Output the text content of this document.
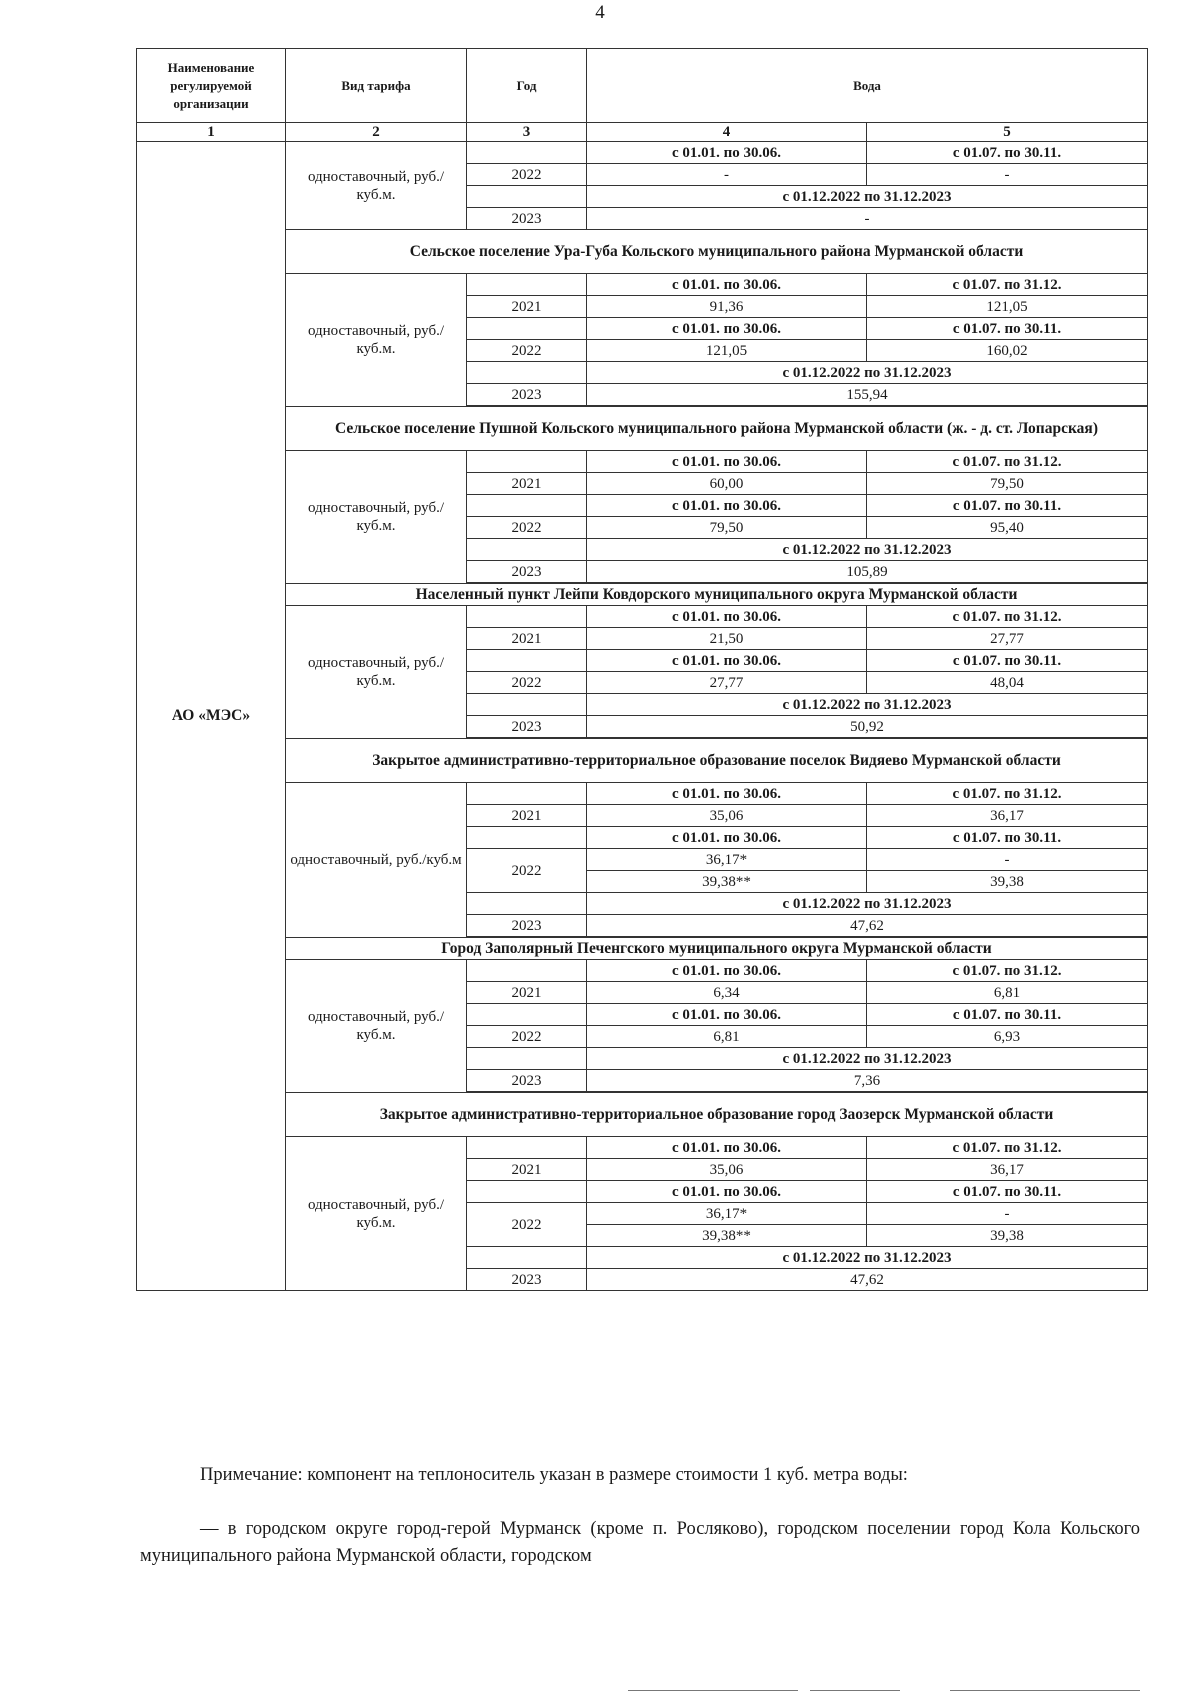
4
Наименование регулируемой организации	Вид тарифа	Год	Вода	
1	2	3	4	5
АО «МЭС»	одноставочный, руб./куб.м.		с 01.01. по 30.06.	с 01.07. по 30.11.
		2022	-	-
			с 01.12.2022 по 31.12.2023	
		2023	-	
	Сельское поселение Ура-Губа Кольского муниципального района Мурманской области			
	одноставочный, руб./куб.м.		с 01.01. по 30.06.	с 01.07. по 31.12.
		2021	91,36	121,05
			с 01.01. по 30.06.	с 01.07. по 30.11.
		2022	121,05	160,02
			с 01.12.2022 по 31.12.2023	
		2023	155,94	

	Сельское поселение Пушной Кольского муниципального района Мурманской области (ж. - д. ст. Лопарская)			
	одноставочный, руб./куб.м.		с 01.01. по 30.06.	с 01.07. по 31.12.
		2021	60,00	79,50
			с 01.01. по 30.06.	с 01.07. по 30.11.
		2022	79,50	95,40
			с 01.12.2022 по 31.12.2023	
		2023	105,89	

	Населенный пункт Лейпи Ковдорского муниципального округа Мурманской области			
	одноставочный, руб./куб.м.		с 01.01. по 30.06.	с 01.07. по 31.12.
		2021	21,50	27,77
			с 01.01. по 30.06.	с 01.07. по 30.11.
		2022	27,77	48,04
			с 01.12.2022 по 31.12.2023	
		2023	50,92	

	Закрытое административно-территориальное образование поселок Видяево Мурманской области			
	одноставочный, руб./куб.м		с 01.01. по 30.06.	с 01.07. по 31.12.
		2021	35,06	36,17
			с 01.01. по 30.06.	с 01.07. по 30.11.
		2022	36,17*	-
			39,38**	39,38
			с 01.12.2022 по 31.12.2023	
		2023	47,62	

	Город Заполярный Печенгского муниципального округа Мурманской области			
	одноставочный, руб./куб.м.		с 01.01. по 30.06.	с 01.07. по 31.12.
		2021	6,34	6,81
			с 01.01. по 30.06.	с 01.07. по 30.11.
		2022	6,81	6,93
			с 01.12.2022 по 31.12.2023	
		2023	7,36	

	Закрытое административно-территориальное образование город Заозерск Мурманской области			
	одноставочный, руб./куб.м.		с 01.01. по 30.06.	с 01.07. по 31.12.
		2021	35,06	36,17
			с 01.01. по 30.06.	с 01.07. по 30.11.
		2022	36,17*	-
			39,38**	39,38
			с 01.12.2022 по 31.12.2023	
		2023	47,62	
Примечание: компонент на теплоноситель указан в размере стоимости 1 куб. метра воды:
— в городском округе город-герой Мурманск (кроме п. Росляково), городском поселении город Кола Кольского муниципального района Мурманской области, городском
